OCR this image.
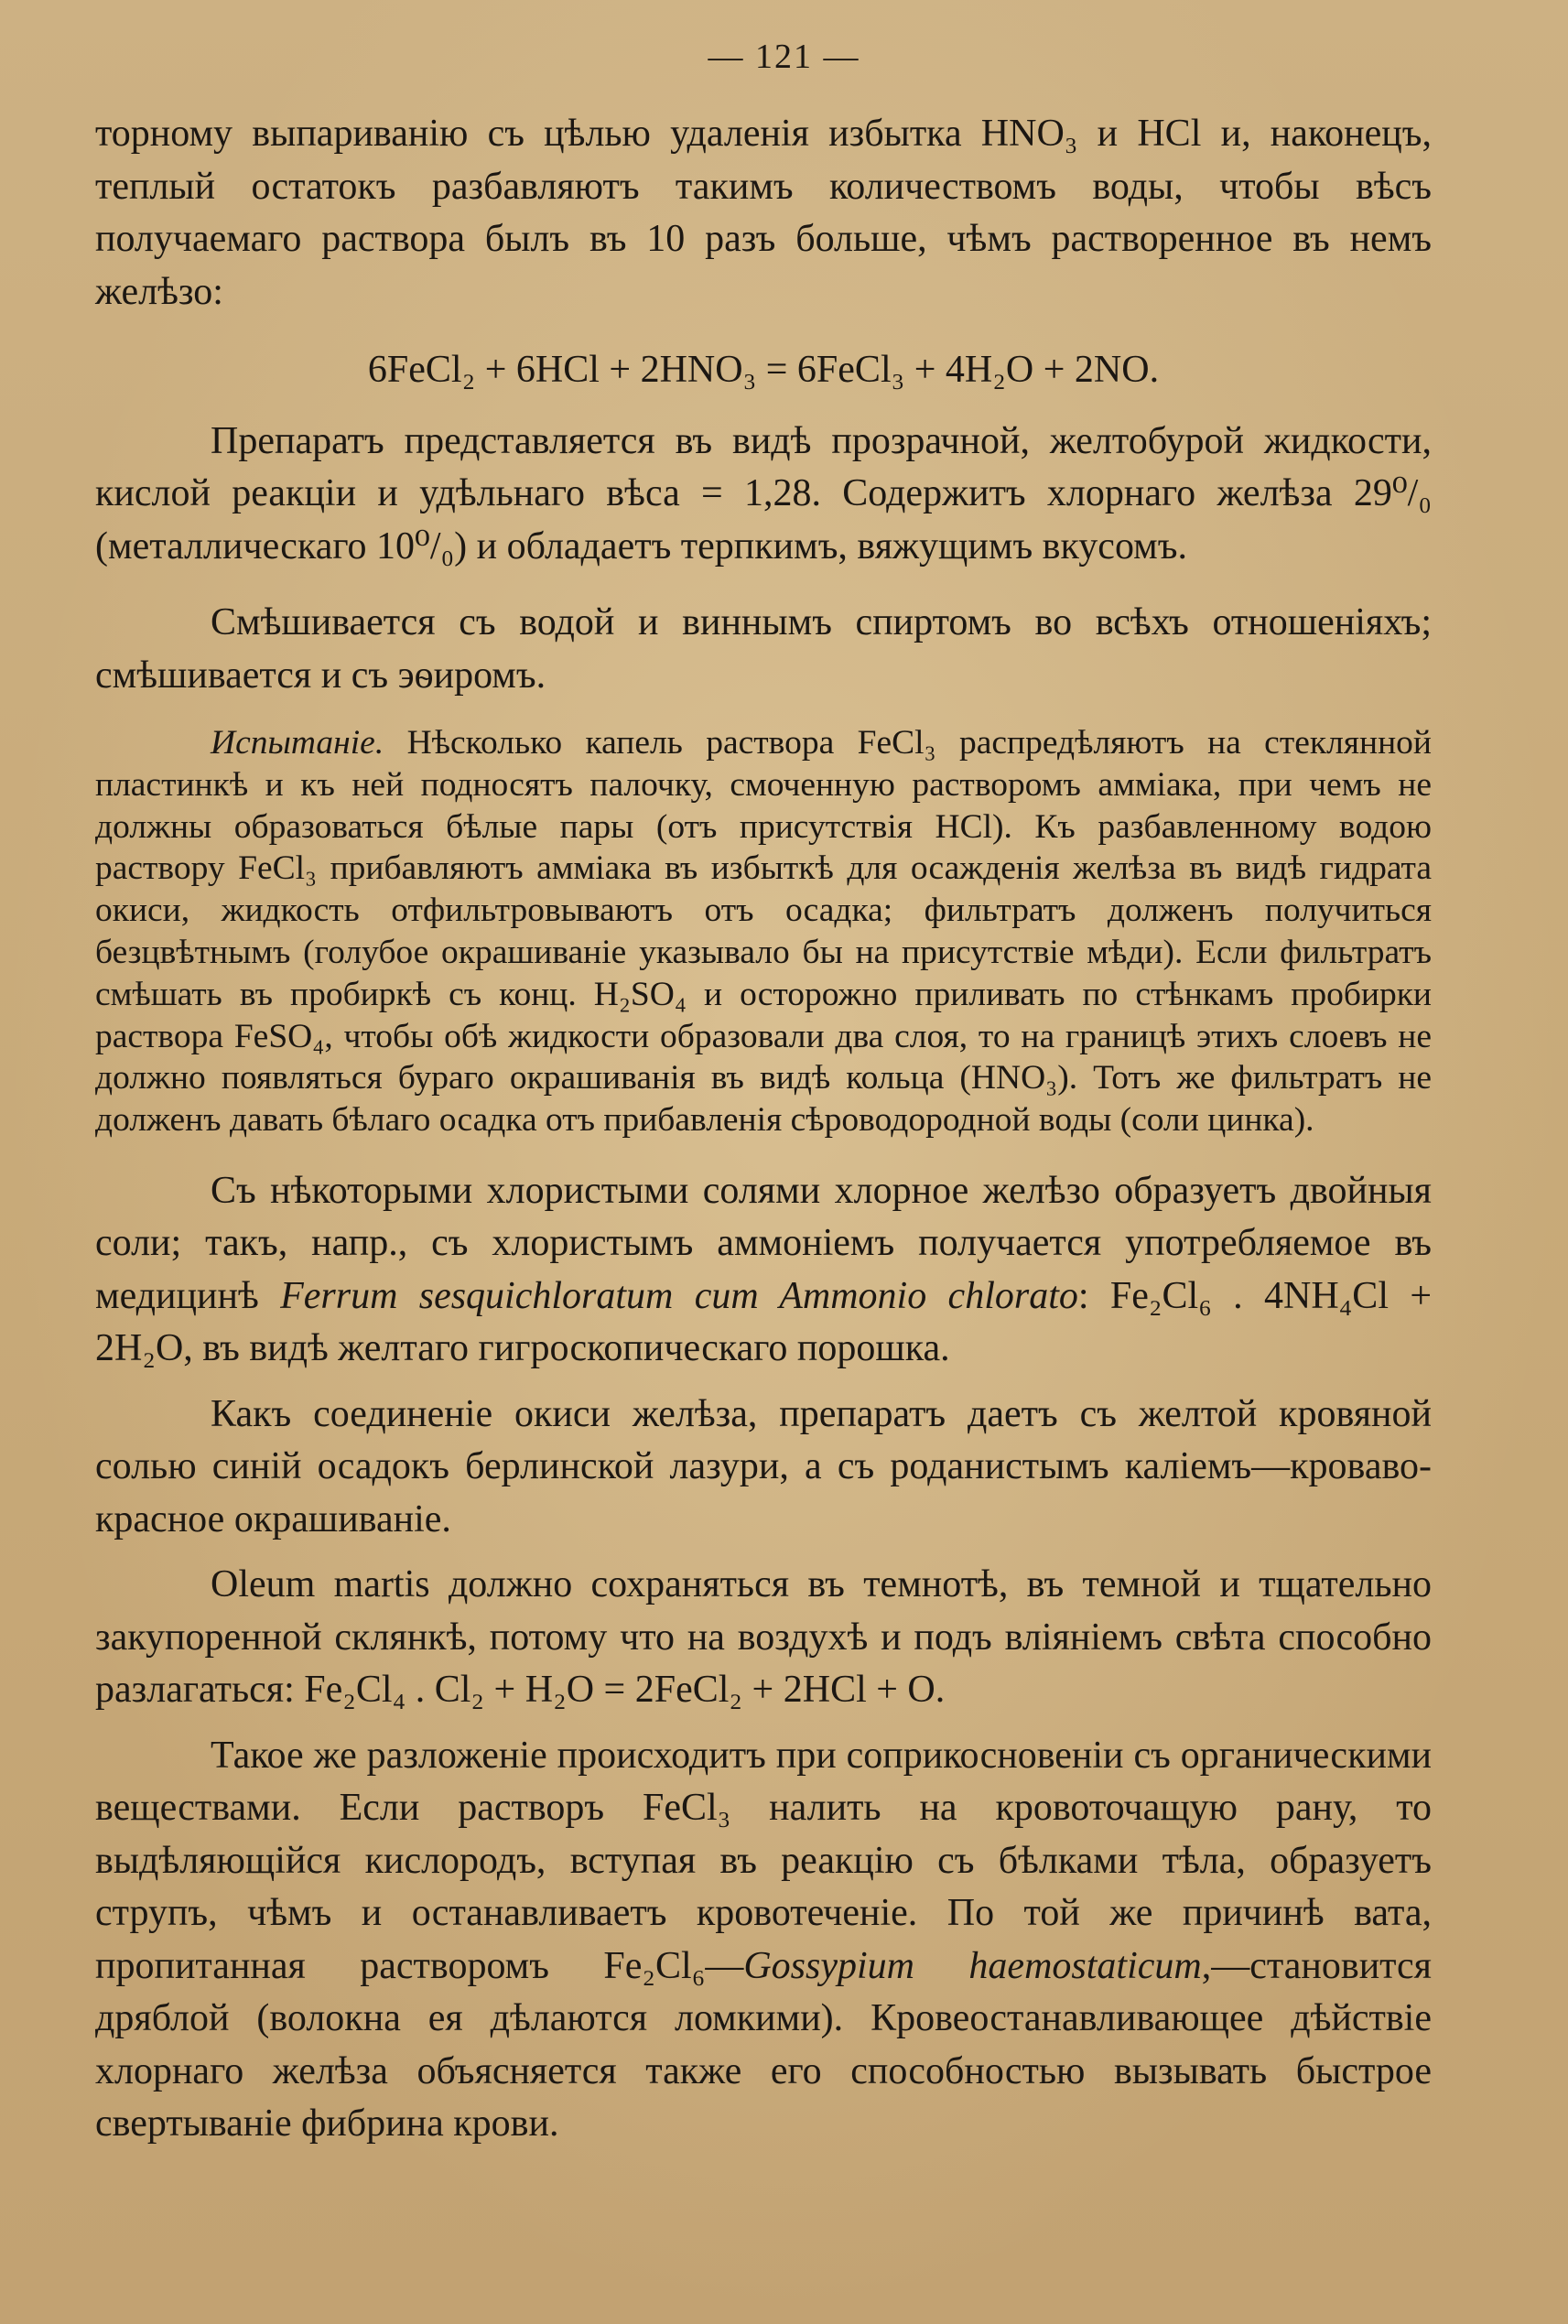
— 121 —

торному выпариванію съ цѣлью удаленія избытка HNO₃ и HCl и, наконецъ, теплый остатокъ разбавляютъ такимъ количествомъ воды, чтобы вѣсъ получаемаго раствора былъ въ 10 разъ больше, чѣмъ растворенное въ немъ желѣзо:

6FeCl₂ + 6HCl + 2HNO₃ = 6FeCl₃ + 4H₂O + 2NO.

Препаратъ представляется въ видѣ прозрачной, желтобурой жидкости, кислой реакціи и удѣльнаго вѣса = 1,28. Содержитъ хлорнаго желѣза 29⁰/₀ (металлическаго 10⁰/₀) и обладаетъ терпкимъ, вяжущимъ вкусомъ.

Смѣшивается съ водой и виннымъ спиртомъ во всѣхъ отношеніяхъ; смѣшивается и съ эѳиромъ.

Испытаніе. Нѣсколько капель раствора FeCl₃ распредѣляютъ на стеклянной пластинкѣ и къ ней подносятъ палочку, смоченную растворомъ амміака, при чемъ не должны образоваться бѣлые пары (отъ присутствія HCl). Къ разбавленному водою раствору FeCl₃ прибавляютъ амміака въ избыткѣ для осажденія желѣза въ видѣ гидрата окиси, жидкость отфильтровываютъ отъ осадка; фильтратъ долженъ получиться безцвѣтнымъ (голубое окрашиваніе указывало бы на присутствіе мѣди). Если фильтратъ смѣшать въ пробиркѣ съ конц. H₂SO₄ и осторожно приливать по стѣнкамъ пробирки раствора FeSO₄, чтобы обѣ жидкости образовали два слоя, то на границѣ этихъ слоевъ не должно появляться бураго окрашиванія въ видѣ кольца (HNO₃). Тотъ же фильтратъ не долженъ давать бѣлаго осадка отъ прибавленія сѣроводородной воды (соли цинка).

Съ нѣкоторыми хлористыми солями хлорное желѣзо образуетъ двойныя соли; такъ, напр., съ хлористымъ аммоніемъ получается употребляемое въ медицинѣ Ferrum sesquichloratum cum Ammonio chlorato: Fe₂Cl₆ . 4NH₄Cl + 2H₂O, въ видѣ желтаго гигроскопическаго порошка.

Какъ соединеніе окиси желѣза, препаратъ даетъ съ желтой кровяной солью синій осадокъ берлинской лазури, а съ роданистымъ каліемъ—кроваво-красное окрашиваніе.

Oleum martis должно сохраняться въ темнотѣ, въ темной и тщательно закупоренной склянкѣ, потому что на воздухѣ и подъ вліяніемъ свѣта способно разлагаться: Fe₂Cl₄ . Cl₂ + H₂O = 2FeCl₂ + 2HCl + O.

Такое же разложеніе происходитъ при соприкосновеніи съ органическими веществами. Если растворъ FeCl₃ налить на кровоточащую рану, то выдѣляющійся кислородъ, вступая въ реакцію съ бѣлками тѣла, образуетъ струпъ, чѣмъ и останавливаетъ кровотеченіе. По той же причинѣ вата, пропитанная растворомъ Fe₂Cl₆—Gossypium haemostaticum,—становится дряблой (волокна ея дѣлаются ломкими). Кровеостанавливающее дѣйствіе хлорнаго желѣза объясняется также его способностью вызывать быстрое свертываніе фибрина крови.
